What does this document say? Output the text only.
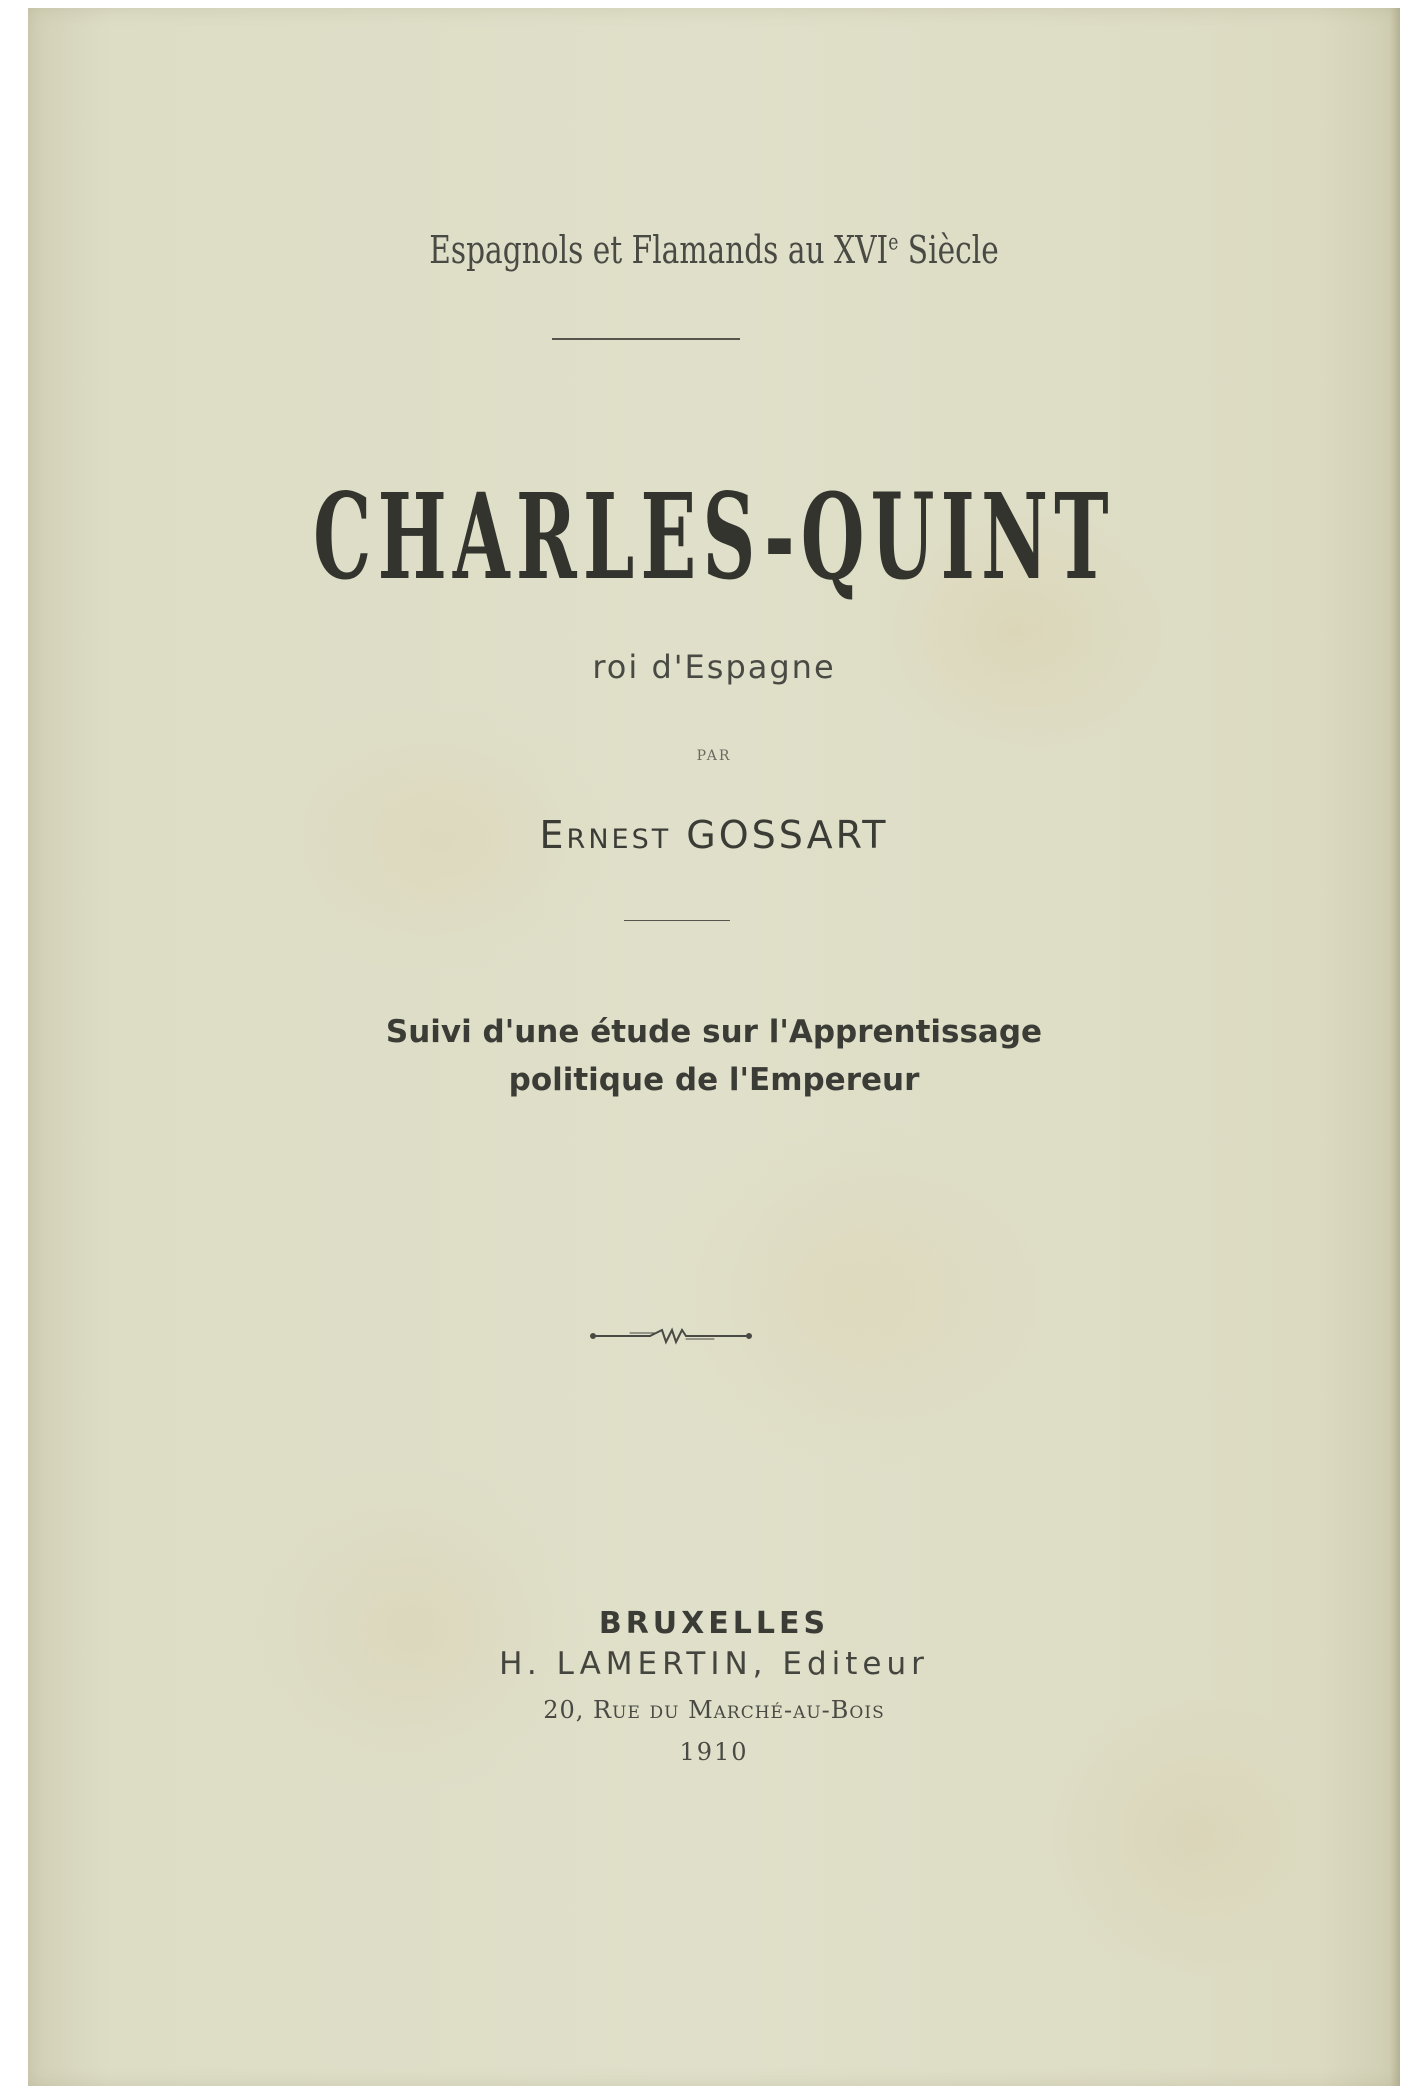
Espagnols et Flamands au XVIe Siècle
CHARLES-QUINT
roi d'Espagne
PAR
Ernest GOSSART
Suivi d'une étude sur l'Apprentissage
politique de l'Empereur
BRUXELLES
H. LAMERTIN, Editeur
20, Rue du Marché-au-Bois
1910
